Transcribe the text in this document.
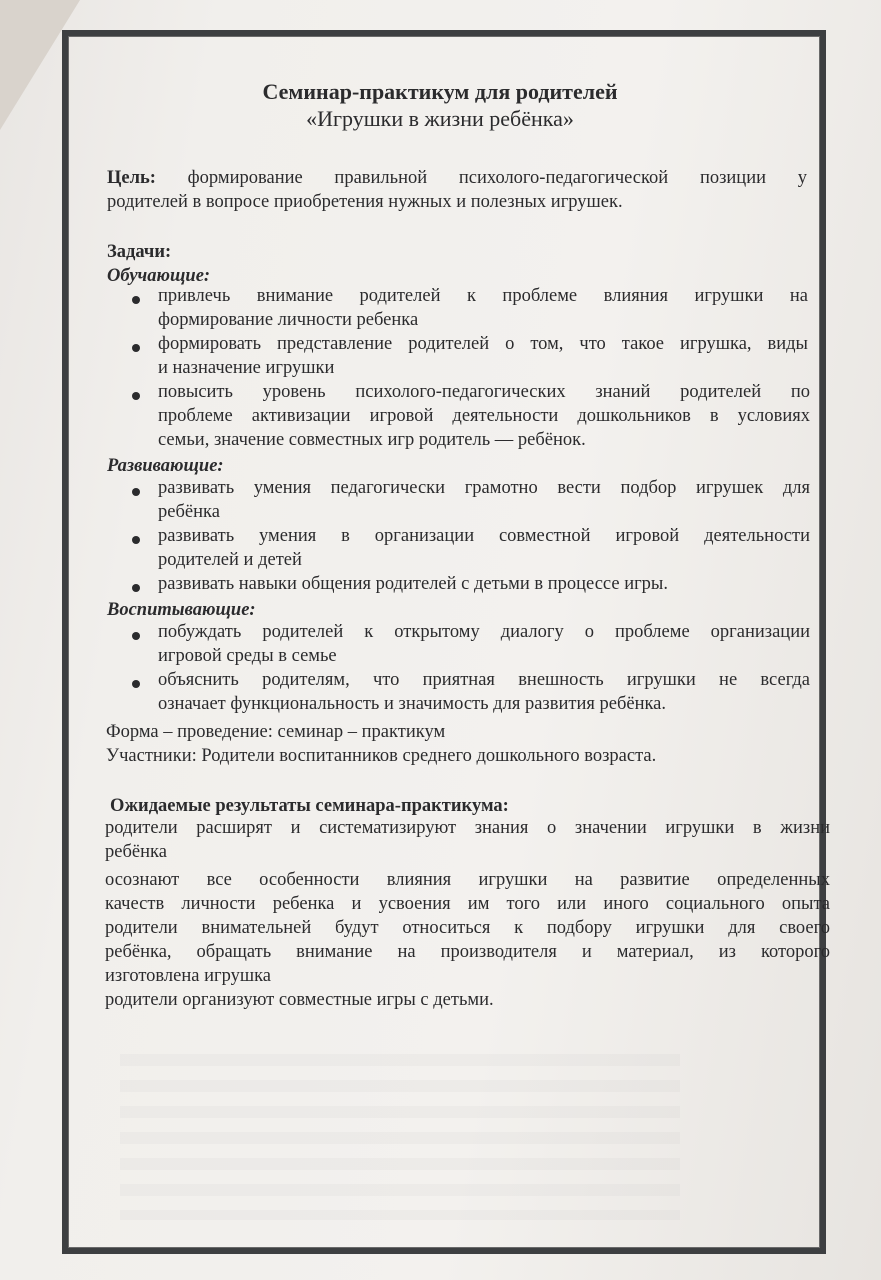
Семинар-практикум для родителей
«Игрушки в жизни ребёнка»
Цель: формирование правильной психолого-педагогической позиции у
родителей в вопросе приобретения нужных и полезных игрушек.
Задачи:
Обучающие:
привлечь внимание родителей к проблеме влияния игрушки на
формирование личности ребенка
формировать представление родителей о том, что такое игрушка, виды
и назначение игрушки
повысить уровень психолого-педагогических знаний родителей по
проблеме активизации игровой деятельности дошкольников в условиях
семьи, значение совместных игр родитель — ребёнок.
Развивающие:
развивать умения педагогически грамотно вести подбор игрушек для
ребёнка
развивать умения в организации совместной игровой деятельности
родителей и детей
развивать навыки общения родителей с детьми в процессе игры.
Воспитывающие:
побуждать родителей к открытому диалогу о проблеме организации
игровой среды в семье
объяснить родителям, что приятная внешность игрушки не всегда
означает функциональность и значимость для развития ребёнка.
Форма – проведение: семинар – практикум
Участники: Родители воспитанников среднего дошкольного возраста.
Ожидаемые результаты семинара-практикума:
родители расширят и систематизируют знания о значении игрушки в жизни
ребёнка
осознают все особенности влияния игрушки на развитие определенных
качеств личности ребенка и усвоения им того или иного социального опыта
родители внимательней будут относиться к подбору игрушки для своего
ребёнка, обращать внимание на производителя и материал, из которого
изготовлена игрушка
родители организуют совместные игры с детьми.
